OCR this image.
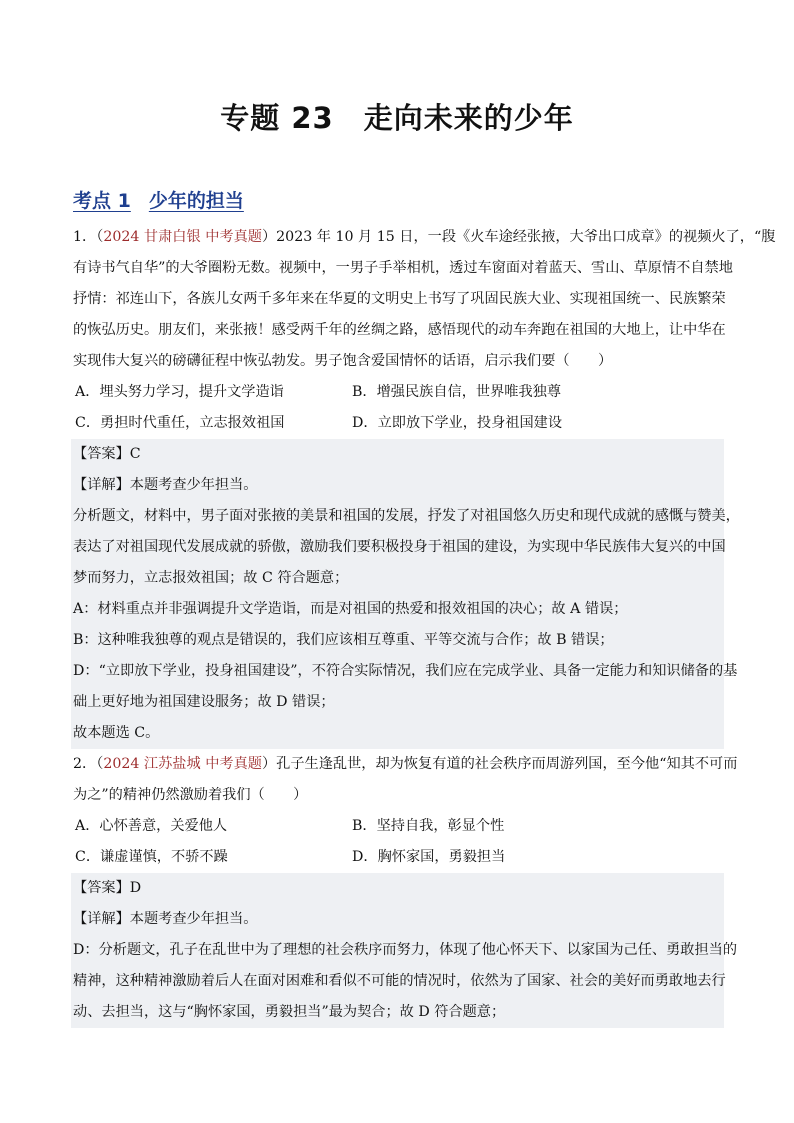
专题 23 走向未来的少年
考点 1 少年的担当
1．（2024 甘肃白银 中考真题）2023 年 10 月 15 日，一段《火车途经张掖，大爷出口成章》的视频火了，“腹
有诗书气自华”的大爷圈粉无数。视频中，一男子手举相机，透过车窗面对着蓝天、雪山、草原情不自禁地
抒情：祁连山下，各族儿女两千多年来在华夏的文明史上书写了巩固民族大业、实现祖国统一、民族繁荣
的恢弘历史。朋友们，来张掖！感受两千年的丝绸之路，感悟现代的动车奔跑在祖国的大地上，让中华在
实现伟大复兴的磅礴征程中恢弘勃发。男子饱含爱国情怀的话语，启示我们要（　　）
A．埋头努力学习，提升文学造诣	B．增强民族自信，世界唯我独尊
C．勇担时代重任，立志报效祖国	D．立即放下学业，投身祖国建设
【答案】C
【详解】本题考查少年担当。
分析题文，材料中，男子面对张掖的美景和祖国的发展，抒发了对祖国悠久历史和现代成就的感慨与赞美，
表达了对祖国现代发展成就的骄傲，激励我们要积极投身于祖国的建设，为实现中华民族伟大复兴的中国
梦而努力，立志报效祖国；故 C 符合题意；
A：材料重点并非强调提升文学造诣，而是对祖国的热爱和报效祖国的决心；故 A 错误；
B：这种唯我独尊的观点是错误的，我们应该相互尊重、平等交流与合作；故 B 错误；
D：“立即放下学业，投身祖国建设”，不符合实际情况，我们应在完成学业、具备一定能力和知识储备的基
础上更好地为祖国建设服务；故 D 错误；
故本题选 C。
2．（2024 江苏盐城 中考真题）孔子生逢乱世，却为恢复有道的社会秩序而周游列国，至今他“知其不可而
为之”的精神仍然激励着我们（　　）
A．心怀善意，关爱他人	B．坚持自我，彰显个性
C．谦虚谨慎，不骄不躁	D．胸怀家国，勇毅担当
【答案】D
【详解】本题考查少年担当。
D：分析题文，孔子在乱世中为了理想的社会秩序而努力，体现了他心怀天下、以家国为己任、勇敢担当的
精神，这种精神激励着后人在面对困难和看似不可能的情况时，依然为了国家、社会的美好而勇敢地去行
动、去担当，这与“胸怀家国，勇毅担当”最为契合；故 D 符合题意；
